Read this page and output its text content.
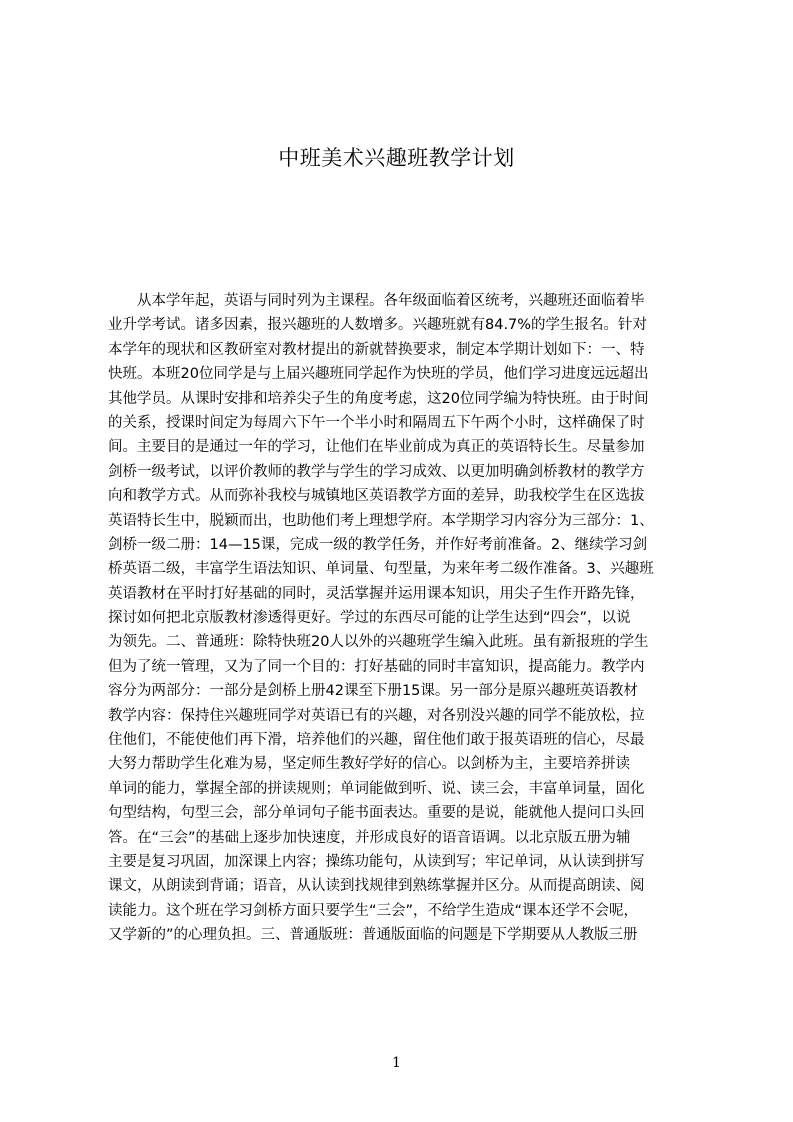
中班美术兴趣班教学计划
　　从本学年起，英语与同时列为主课程。各年级面临着区统考，兴趣班还面临着毕
业升学考试。诸多因素，报兴趣班的人数增多。兴趣班就有84.7%的学生报名。针对
本学年的现状和区教研室对教材提出的新就替换要求，制定本学期计划如下：一、特
快班。本班20位同学是与上届兴趣班同学起作为快班的学员，他们学习进度远远超出
其他学员。从课时安排和培养尖子生的角度考虑，这20位同学编为特快班。由于时间
的关系，授课时间定为每周六下午一个半小时和隔周五下午两个小时，这样确保了时
间。主要目的是通过一年的学习，让他们在毕业前成为真正的英语特长生。尽量参加
剑桥一级考试，以评价教师的教学与学生的学习成效、以更加明确剑桥教材的教学方
向和教学方式。从而弥补我校与城镇地区英语教学方面的差异，助我校学生在区选拔
英语特长生中，脱颖而出，也助他们考上理想学府。本学期学习内容分为三部分：1、
剑桥一级二册：14—15课，完成一级的教学任务，并作好考前准备。2、继续学习剑
桥英语二级，丰富学生语法知识、单词量、句型量，为来年考二级作准备。3、兴趣班
英语教材在平时打好基础的同时，灵活掌握并运用课本知识，用尖子生作开路先锋，
探讨如何把北京版教材渗透得更好。学过的东西尽可能的让学生达到“四会”，以说
为领先。二、普通班：除特快班20人以外的兴趣班学生编入此班。虽有新报班的学生
但为了统一管理，又为了同一个目的：打好基础的同时丰富知识，提高能力。教学内
容分为两部分：一部分是剑桥上册42课至下册15课。另一部分是原兴趣班英语教材
教学内容：保持住兴趣班同学对英语已有的兴趣，对各别没兴趣的同学不能放松，拉
住他们，不能使他们再下滑，培养他们的兴趣，留住他们敢于报英语班的信心，尽最
大努力帮助学生化难为易，坚定师生教好学好的信心。以剑桥为主，主要培养拼读
单词的能力，掌握全部的拼读规则；单词能做到听、说、读三会，丰富单词量，固化
句型结构，句型三会，部分单词句子能书面表达。重要的是说，能就他人提问口头回
答。在“三会”的基础上逐步加快速度，并形成良好的语音语调。以北京版五册为辅
主要是复习巩固，加深课上内容；操练功能句，从读到写；牢记单词，从认读到拼写
课文，从朗读到背诵；语音，从认读到找规律到熟练掌握并区分。从而提高朗读、阅
读能力。这个班在学习剑桥方面只要学生“三会”，不给学生造成“课本还学不会呢，
又学新的”的心理负担。三、普通版班：普通版面临的问题是下学期要从人教版三册
1
